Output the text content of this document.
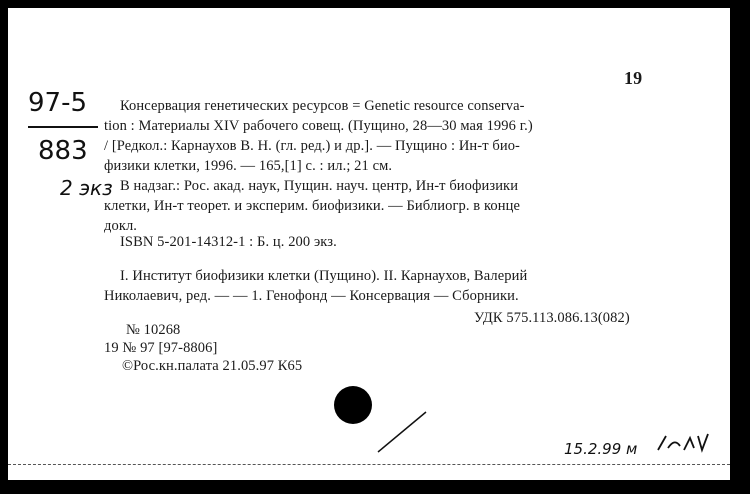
19
97-5
883
2 экз
Консервация генетических ресурсов = Genetic resource conserva-
tion : Материалы XIV рабочего совещ. (Пущино, 28—30 мая 1996 г.)
/ [Редкол.: Карнаухов В. Н. (гл. ред.) и др.]. — Пущино : Ин-т био-
физики клетки, 1996. — 165,[1] с. : ил.; 21 см.
В надзаг.: Рос. акад. наук, Пущин. науч. центр, Ин-т биофизики
клетки, Ин-т теорет. и эксперим. биофизики. — Библиогр. в конце
докл.
ISBN 5-201-14312-1 : Б. ц. 200 экз.
I. Институт биофизики клетки (Пущино). II. Карнаухов, Валерий
Николаевич, ред. — — 1. Генофонд — Консервация — Сборники.
№ 10268
УДК 575.113.086.13(082)
19 № 97 [97-8806]
©Рос.кн.палата 21.05.97 К65
15.2.99 м
